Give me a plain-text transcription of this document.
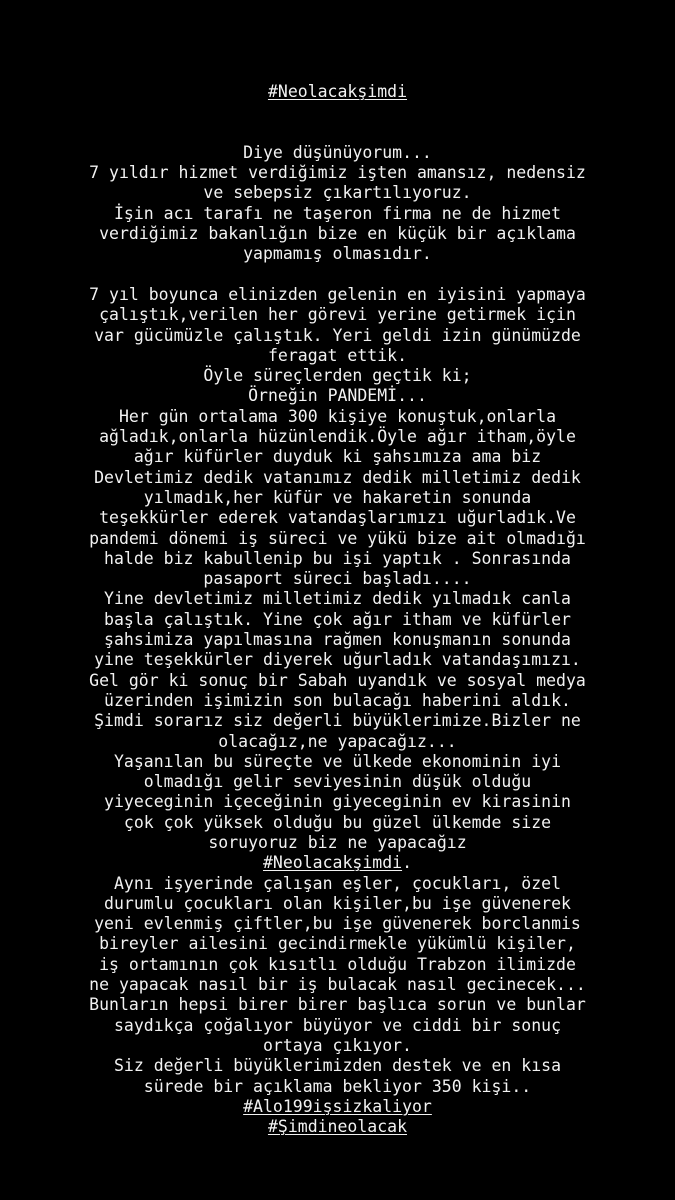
#Neolacakşimdi
Diye düşünüyorum...
7 yıldır hizmet verdiğimiz işten amansız, nedensiz
ve sebepsiz çıkartılıyoruz.
İşin acı tarafı ne taşeron firma ne de hizmet
verdiğimiz bakanlığın bize en küçük bir açıklama
yapmamış olmasıdır.
7 yıl boyunca elinizden gelenin en iyisini yapmaya
çalıştık,verilen her görevi yerine getirmek için
var gücümüzle çalıştık. Yeri geldi izin günümüzde
feragat ettik.
Öyle süreçlerden geçtik ki;
Örneğin PANDEMİ...
Her gün ortalama 300 kişiye konuştuk,onlarla
ağladık,onlarla hüzünlendik.Öyle ağır itham,öyle
ağır küfürler duyduk ki şahsımıza ama biz
Devletimiz dedik vatanımız dedik milletimiz dedik
yılmadık,her küfür ve hakaretin sonunda
teşekkürler ederek vatandaşlarımızı uğurladık.Ve
pandemi dönemi iş süreci ve yükü bize ait olmadığı
halde biz kabullenip bu işi yaptık . Sonrasında
pasaport süreci başladı....
Yine devletimiz milletimiz dedik yılmadık canla
başla çalıştık. Yine çok ağır itham ve küfürler
şahsimiza yapılmasına rağmen konuşmanın sonunda
yine teşekkürler diyerek uğurladık vatandaşımızı.
Gel gör ki sonuç bir Sabah uyandık ve sosyal medya
üzerinden işimizin son bulacağı haberini aldık.
Şimdi sorarız siz değerli büyüklerimize.Bizler ne
olacağız,ne yapacağız...
Yaşanılan bu süreçte ve ülkede ekonominin iyi
olmadığı gelir seviyesinin düşük olduğu
yiyeceginin içeceğinin giyeceginin ev kirasinin
çok çok yüksek olduğu bu güzel ülkemde size
soruyoruz biz ne yapacağız
#Neolacakşimdi.
Aynı işyerinde çalışan eşler, çocukları, özel
durumlu çocukları olan kişiler,bu işe güvenerek
yeni evlenmiş çiftler,bu işe güvenerek borclanmis
bireyler ailesini gecindirmekle yükümlü kişiler,
iş ortamının çok kısıtlı olduğu Trabzon ilimizde
ne yapacak nasıl bir iş bulacak nasıl gecinecek...
Bunların hepsi birer birer başlıca sorun ve bunlar
saydıkça çoğalıyor büyüyor ve ciddi bir sonuç
ortaya çıkıyor.
Siz değerli büyüklerimizden destek ve en kısa
sürede bir açıklama bekliyor 350 kişi..
#Alo199işsizkaliyor
#Şimdineolacak
